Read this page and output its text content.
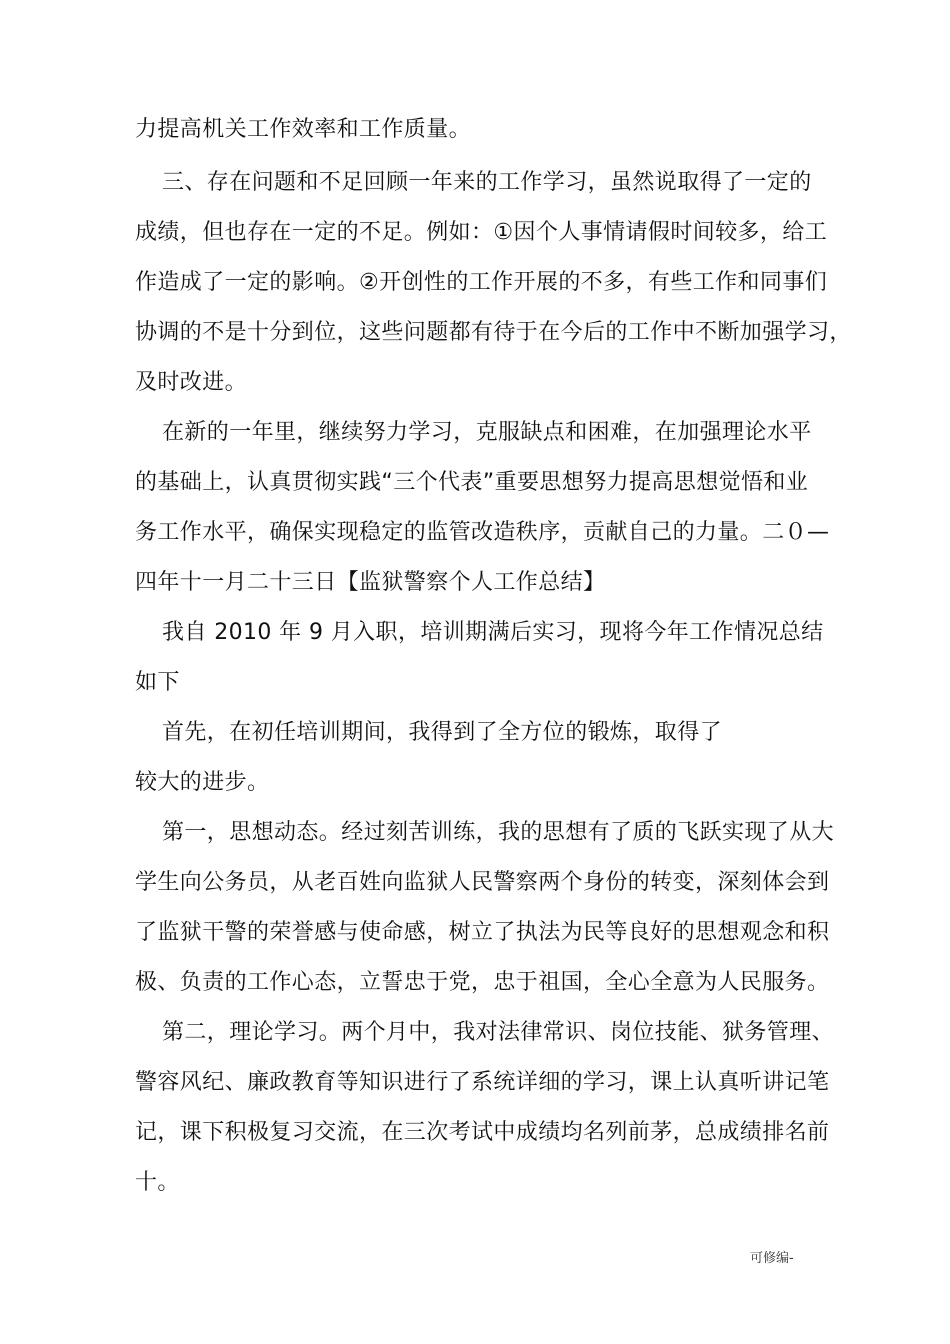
力提高机关工作效率和工作质量。
三、存在问题和不足回顾一年来的工作学习，虽然说取得了一定的
成绩，但也存在一定的不足。例如：①因个人事情请假时间较多，给工
作造成了一定的影响。②开创性的工作开展的不多，有些工作和同事们
协调的不是十分到位，这些问题都有待于在今后的工作中不断加强学习，
及时改进。
在新的一年里，继续努力学习，克服缺点和困难，在加强理论水平
的基础上，认真贯彻实践“三个代表”重要思想努力提高思想觉悟和业
务工作水平，确保实现稳定的监管改造秩序，贡献自己的力量。二０—
四年十一月二十三日【监狱警察个人工作总结】
我自 2010 年 9 月入职，培训期满后实习，现将今年工作情况总结
如下
首先，在初任培训期间，我得到了全方位的锻炼，取得了
较大的进步。
第一，思想动态。经过刻苦训练，我的思想有了质的飞跃实现了从大
学生向公务员，从老百姓向监狱人民警察两个身份的转变，深刻体会到
了监狱干警的荣誉感与使命感，树立了执法为民等良好的思想观念和积
极、负责的工作心态，立誓忠于党，忠于祖国，全心全意为人民服务。
第二，理论学习。两个月中，我对法律常识、岗位技能、狱务管理、
警容风纪、廉政教育等知识进行了系统详细的学习，课上认真听讲记笔
记，课下积极复习交流，在三次考试中成绩均名列前茅，总成绩排名前
十。
可修编-
